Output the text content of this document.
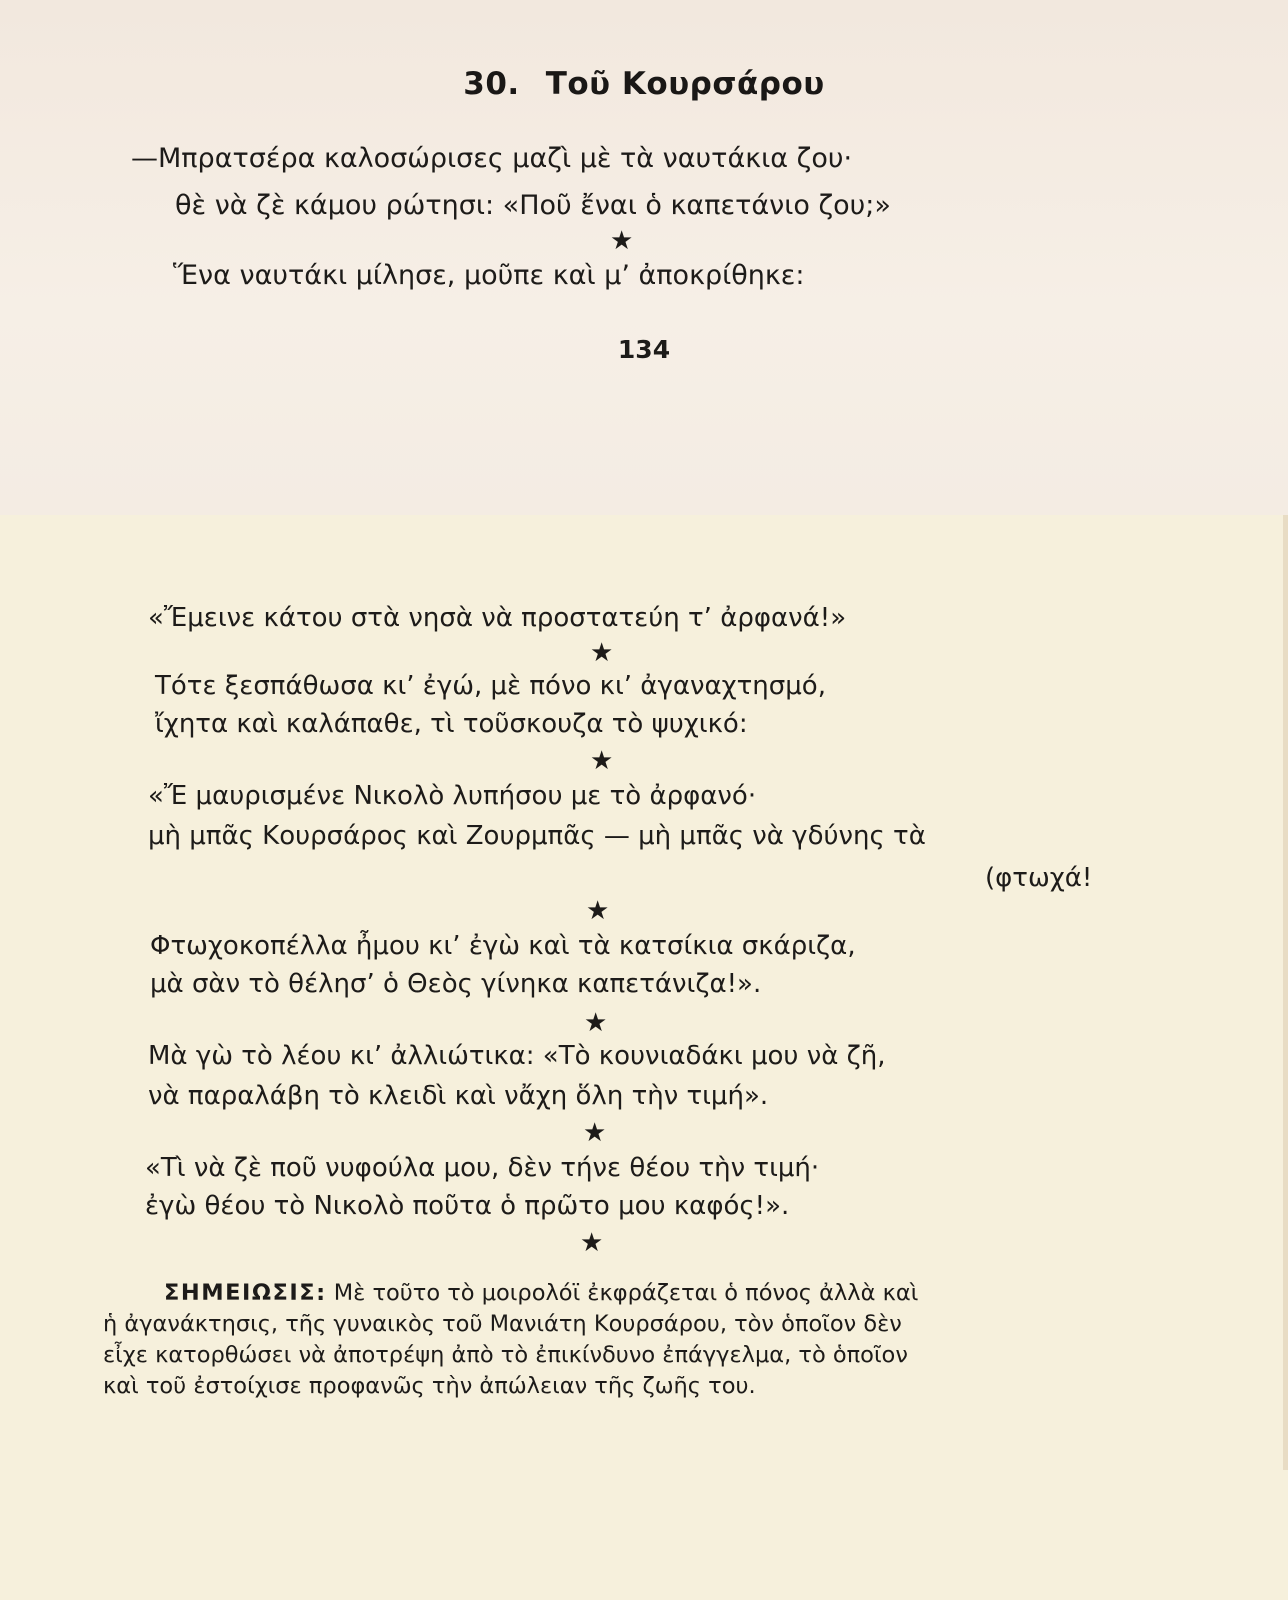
30. Τοῦ Κουρσάρου
—Μπρατσέρα καλοσώρισες μαζὶ μὲ τὰ ναυτάκια ζου·
θὲ νὰ ζὲ κάμου ρώτησι: «Ποῦ ἔναι ὁ καπετάνιο ζου;»
★
Ἕνα ναυτάκι μίλησε, μοῦπε καὶ μ’ ἀποκρίθηκε:
134
«Ἔμεινε κάτου στὰ νησὰ νὰ προστατεύη τ’ ἀρφανά!»
★
Τότε ξεσπάθωσα κι’ ἐγώ, μὲ πόνο κι’ ἀγαναχτησμό,
ἴχητα καὶ καλάπαθε, τὶ τοῦσκουζα τὸ ψυχικό:
★
«Ἔ μαυρισμένε Νικολὸ λυπήσου με τὸ ἀρφανό·
μὴ μπᾶς Κουρσάρος καὶ Ζουρμπᾶς — μὴ μπᾶς νὰ γδύνης τὰ
(φτωχά!
★
Φτωχοκοπέλλα ἦμου κι’ ἐγὼ καὶ τὰ κατσίκια σκάριζα,
μὰ σὰν τὸ θέλησ’ ὁ Θεὸς γίνηκα καπετάνιζα!».
★
Μὰ γὼ τὸ λέου κι’ ἀλλιώτικα: «Τὸ κουνιαδάκι μου νὰ ζῆ,
νὰ παραλάβη τὸ κλειδὶ καὶ νἄχη ὅλη τὴν τιμή».
★
«Τὶ νὰ ζὲ ποῦ νυφούλα μου, δὲν τήνε θέου τὴν τιμή·
ἐγὼ θέου τὸ Νικολὸ ποῦτα ὁ πρῶτο μου καφός!».
★
ΣΗΜΕΙΩΣΙΣ: Μὲ τοῦτο τὸ μοιρολόϊ ἐκφράζεται ὁ πόνος ἀλλὰ καὶ
ἡ ἀγανάκτησις, τῆς γυναικὸς τοῦ Μανιάτη Κουρσάρου, τὸν ὁποῖον δὲν
εἶχε κατορθώσει νὰ ἀποτρέψη ἀπὸ τὸ ἐπικίνδυνο ἐπάγγελμα, τὸ ὁποῖον
καὶ τοῦ ἐστοίχισε προφανῶς τὴν ἀπώλειαν τῆς ζωῆς του.
